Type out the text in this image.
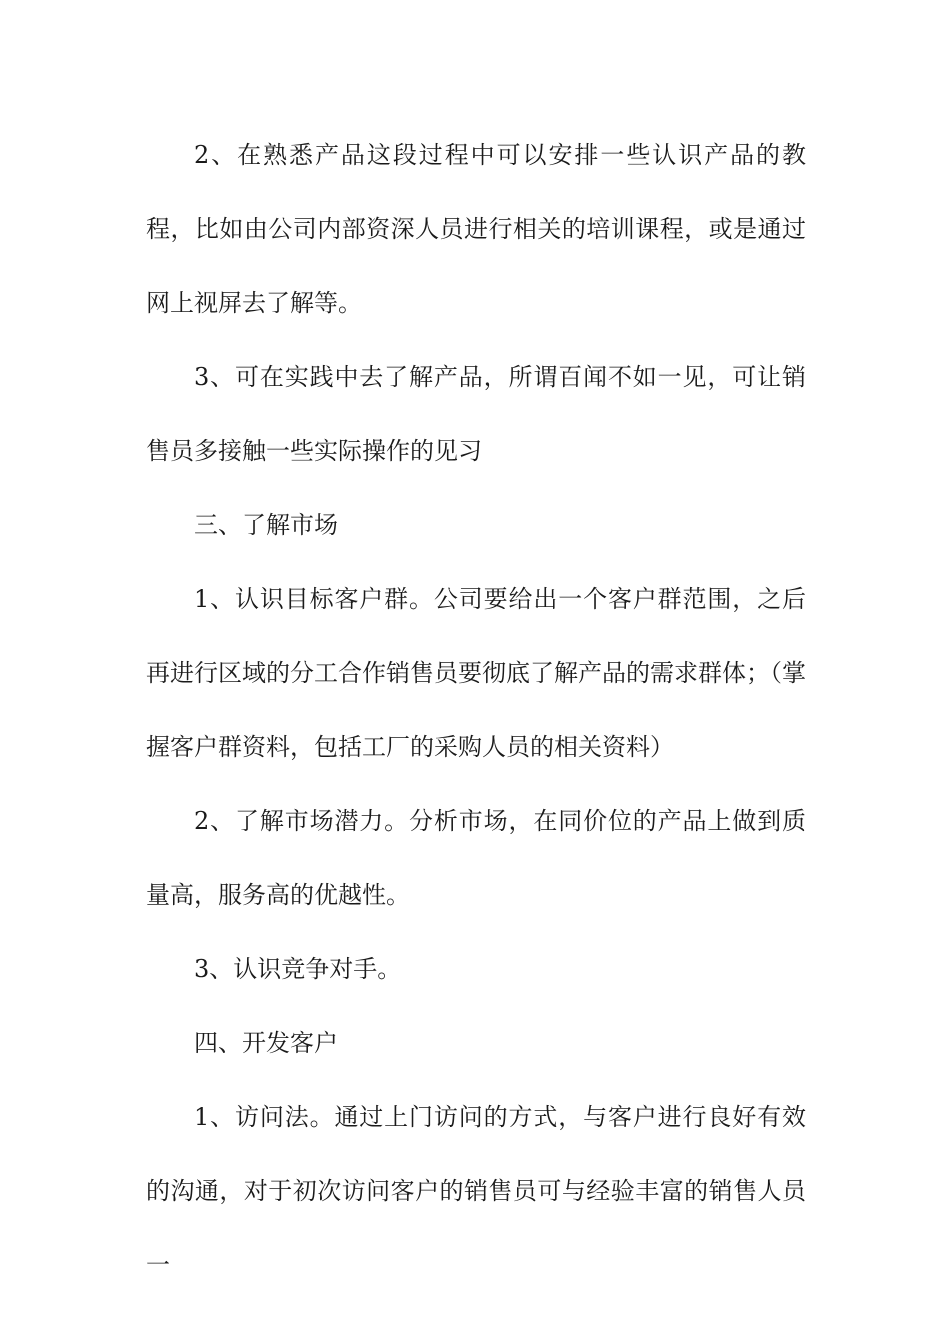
2、在熟悉产品这段过程中可以安排一些认识产品的教程，比如由公司内部资深人员进行相关的培训课程，或是通过网上视屏去了解等。

3、可在实践中去了解产品，所谓百闻不如一见，可让销售员多接触一些实际操作的见习

三、了解市场

1、认识目标客户群。公司要给出一个客户群范围，之后再进行区域的分工合作销售员要彻底了解产品的需求群体；（掌握客户群资料，包括工厂的采购人员的相关资料）

2、了解市场潜力。分析市场，在同价位的产品上做到质量高，服务高的优越性。

3、认识竞争对手。

四、开发客户

1、访问法。通过上门访问的方式，与客户进行良好有效的沟通，对于初次访问客户的销售员可与经验丰富的销售人员一
